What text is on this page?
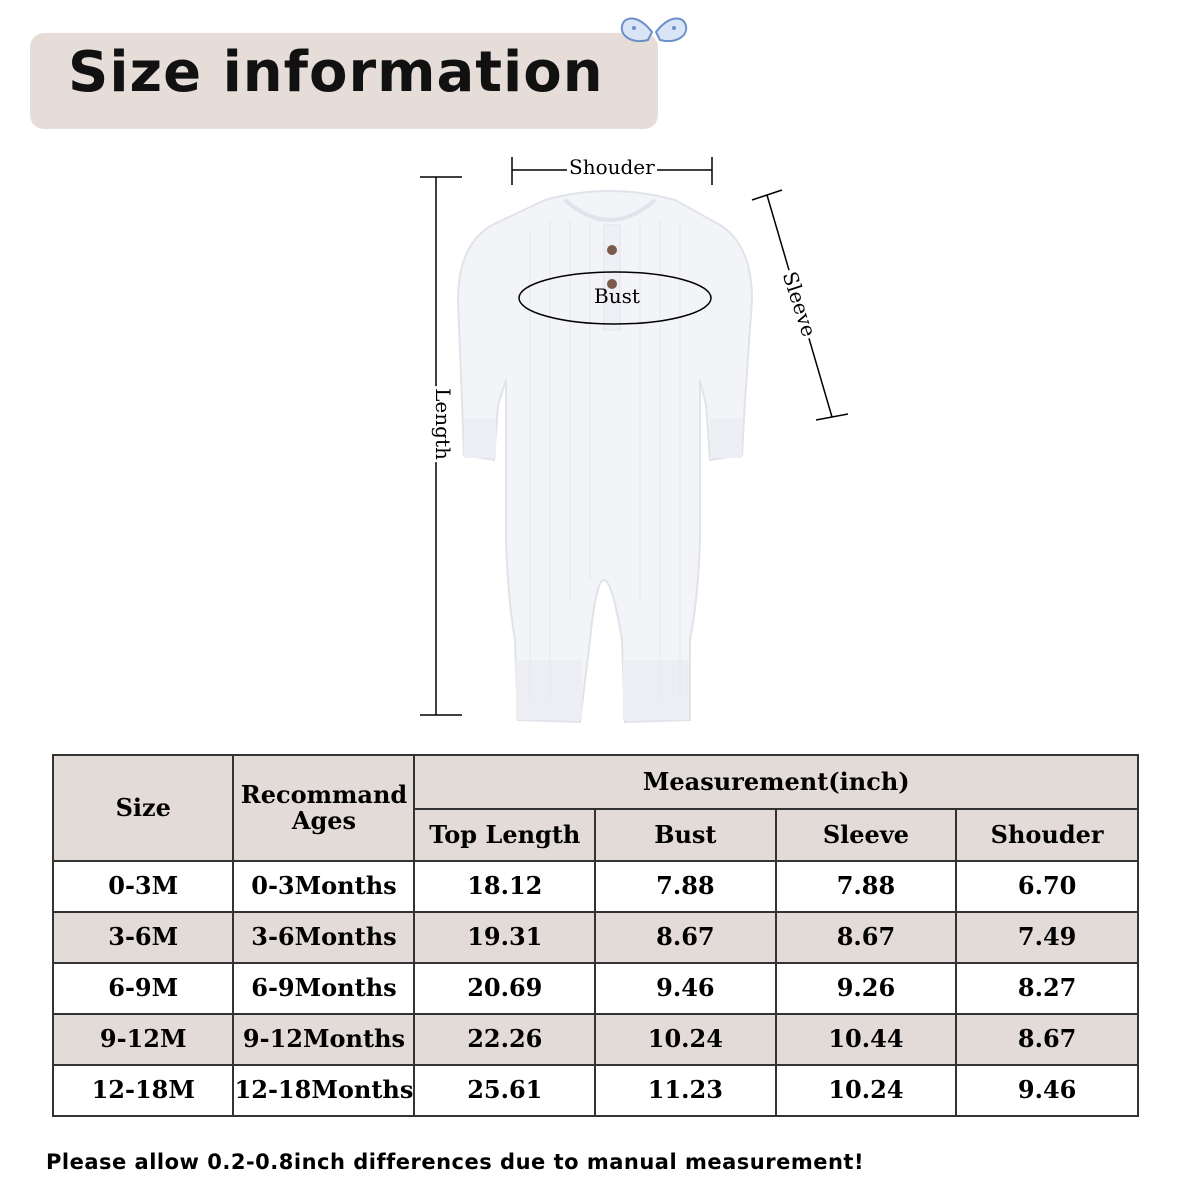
Size information
Shouder
Bust	Sleeve
Length
Size	Recommand Ages	Measurement(inch)			
		Top Length	Bust	Sleeve	Shouder
0-3M	0-3Months	18.12	7.88	7.88	6.70
3-6M	3-6Months	19.31	8.67	8.67	7.49
6-9M	6-9Months	20.69	9.46	9.26	8.27
9-12M	9-12Months	22.26	10.24	10.44	8.67
12-18M	12-18Months	25.61	11.23	10.24	9.46
Please allow 0.2-0.8inch differences due to manual measurement!
